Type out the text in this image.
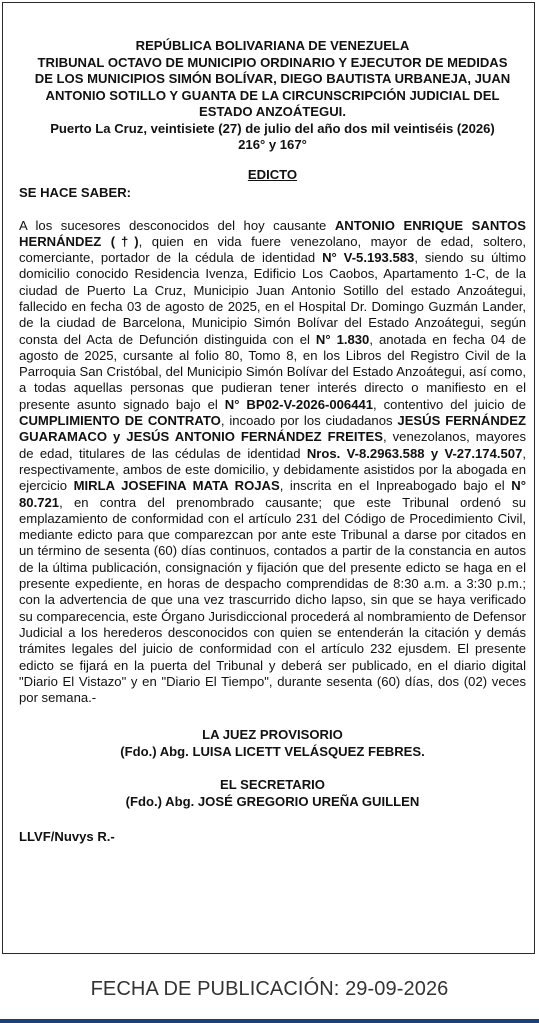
REPÚBLICA BOLIVARIANA DE VENEZUELA
TRIBUNAL OCTAVO DE MUNICIPIO ORDINARIO Y EJECUTOR DE MEDIDAS
DE LOS MUNICIPIOS SIMÓN BOLÍVAR, DIEGO BAUTISTA URBANEJA, JUAN
ANTONIO SOTILLO Y GUANTA DE LA CIRCUNSCRIPCIÓN JUDICIAL DEL
ESTADO ANZOÁTEGUI.
Puerto La Cruz, veintisiete (27) de julio del año dos mil veintiséis (2026)
216° y 167°
EDICTO
SE HACE SABER:
A los sucesores desconocidos del hoy causante ANTONIO ENRIQUE SANTOS HERNÁNDEZ (†), quien en vida fuere venezolano, mayor de edad, soltero, comerciante, portador de la cédula de identidad N° V-5.193.583, siendo su último domicilio conocido Residencia Ivenza, Edificio Los Caobos, Apartamento 1-C, de la ciudad de Puerto La Cruz, Municipio Juan Antonio Sotillo del estado Anzoátegui, fallecido en fecha 03 de agosto de 2025, en el Hospital Dr. Domingo Guzmán Lander, de la ciudad de Barcelona, Municipio Simón Bolívar del Estado Anzoátegui, según consta del Acta de Defunción distinguida con el N° 1.830, anotada en fecha 04 de agosto de 2025, cursante al folio 80, Tomo 8, en los Libros del Registro Civil de la Parroquia San Cristóbal, del Municipio Simón Bolívar del Estado Anzoátegui, así como, a todas aquellas personas que pudieran tener interés directo o manifiesto en el presente asunto signado bajo el N° BP02-V-2026-006441, contentivo del juicio de CUMPLIMIENTO DE CONTRATO, incoado por los ciudadanos JESÚS FERNÁNDEZ GUARAMACO y JESÚS ANTONIO FERNÁNDEZ FREITES, venezolanos, mayores de edad, titulares de las cédulas de identidad Nros. V-8.2963.588 y V-27.174.507, respectivamente, ambos de este domicilio, y debidamente asistidos por la abogada en ejercicio MIRLA JOSEFINA MATA ROJAS, inscrita en el Inpreabogado bajo el N° 80.721, en contra del prenombrado causante; que este Tribunal ordenó su emplazamiento de conformidad con el artículo 231 del Código de Procedimiento Civil, mediante edicto para que comparezcan por ante este Tribunal a darse por citados en un término de sesenta (60) días continuos, contados a partir de la constancia en autos de la última publicación, consignación y fijación que del presente edicto se haga en el presente expediente, en horas de despacho comprendidas de 8:30 a.m. a 3:30 p.m.; con la advertencia de que una vez trascurrido dicho lapso, sin que se haya verificado su comparecencia, este Órgano Jurisdiccional procederá al nombramiento de Defensor Judicial a los herederos desconocidos con quien se entenderán la citación y demás trámites legales del juicio de conformidad con el artículo 232 ejusdem. El presente edicto se fijará en la puerta del Tribunal y deberá ser publicado, en el diario digital "Diario El Vistazo" y en "Diario El Tiempo", durante sesenta (60) días, dos (02) veces por semana.-
LA JUEZ PROVISORIO
(Fdo.) Abg. LUISA LICETT VELÁSQUEZ FEBRES.
EL SECRETARIO
(Fdo.) Abg. JOSÉ GREGORIO UREÑA GUILLEN
LLVF/Nuvys R.-
FECHA DE PUBLICACIÓN: 29-09-2026
